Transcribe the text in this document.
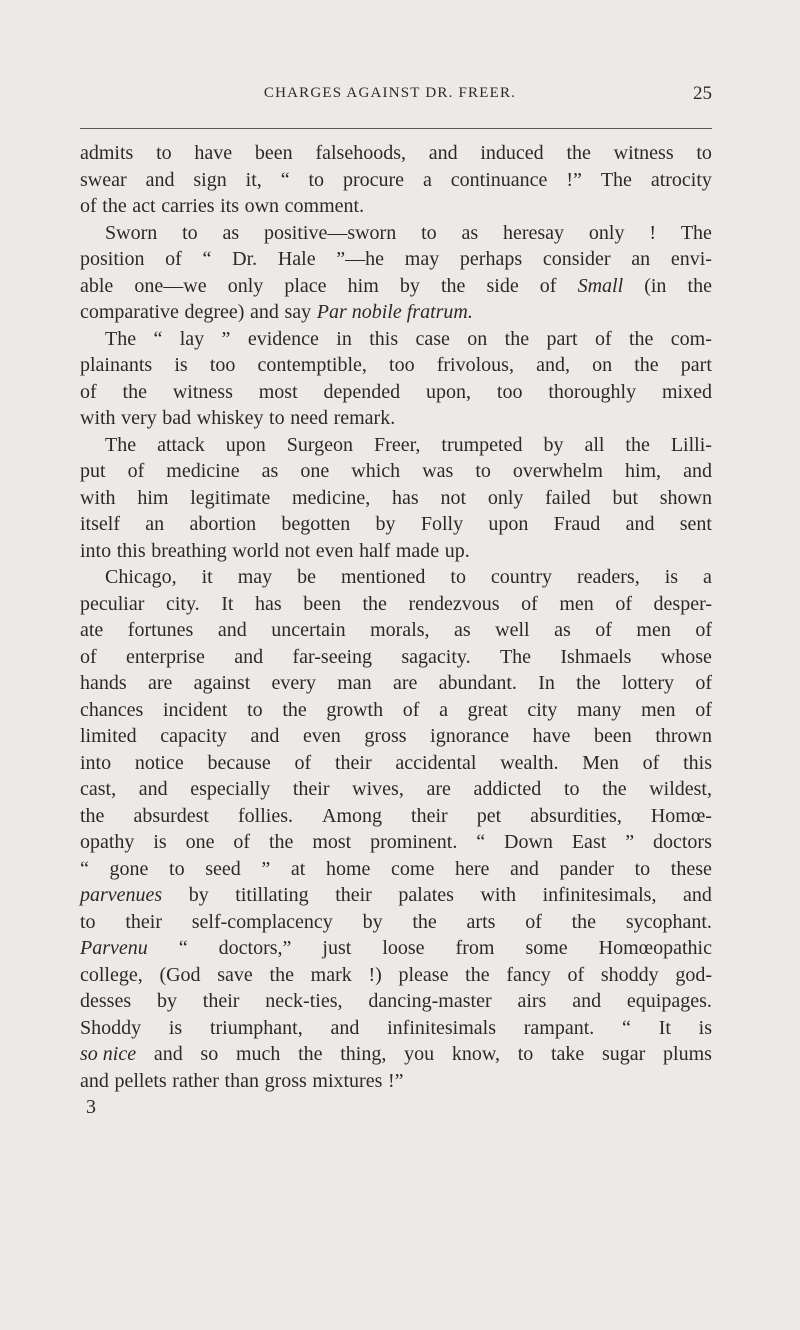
CHARGES AGAINST DR. FREER.	25
admits to have been falsehoods, and induced the witness to
swear and sign it, “ to procure a continuance !” The atrocity
of the act carries its own comment.
Sworn to as positive—sworn to as heresay only ! The
position of “ Dr. Hale ”—he may perhaps consider an envi-
able one—we only place him by the side of Small (in the
comparative degree) and say Par nobile fratrum.
The “ lay ” evidence in this case on the part of the com-
plainants is too contemptible, too frivolous, and, on the part
of the witness most depended upon, too thoroughly mixed
with very bad whiskey to need remark.
The attack upon Surgeon Freer, trumpeted by all the Lilli-
put of medicine as one which was to overwhelm him, and
with him legitimate medicine, has not only failed but shown
itself an abortion begotten by Folly upon Fraud and sent
into this breathing world not even half made up.
Chicago, it may be mentioned to country readers, is a
peculiar city. It has been the rendezvous of men of desper-
ate fortunes and uncertain morals, as well as of men of
of enterprise and far-seeing sagacity. The Ishmaels whose
hands are against every man are abundant. In the lottery of
chances incident to the growth of a great city many men of
limited capacity and even gross ignorance have been thrown
into notice because of their accidental wealth. Men of this
cast, and especially their wives, are addicted to the wildest,
the absurdest follies. Among their pet absurdities, Homœ-
opathy is one of the most prominent. “ Down East ” doctors
“ gone to seed ” at home come here and pander to these
parvenues by titillating their palates with infinitesimals, and
to their self-complacency by the arts of the sycophant.
Parvenu “ doctors,” just loose from some Homœopathic
college, (God save the mark !) please the fancy of shoddy god-
desses by their neck-ties, dancing-master airs and equipages.
Shoddy is triumphant, and infinitesimals rampant. “ It is
so nice and so much the thing, you know, to take sugar plums
and pellets rather than gross mixtures !”
3
